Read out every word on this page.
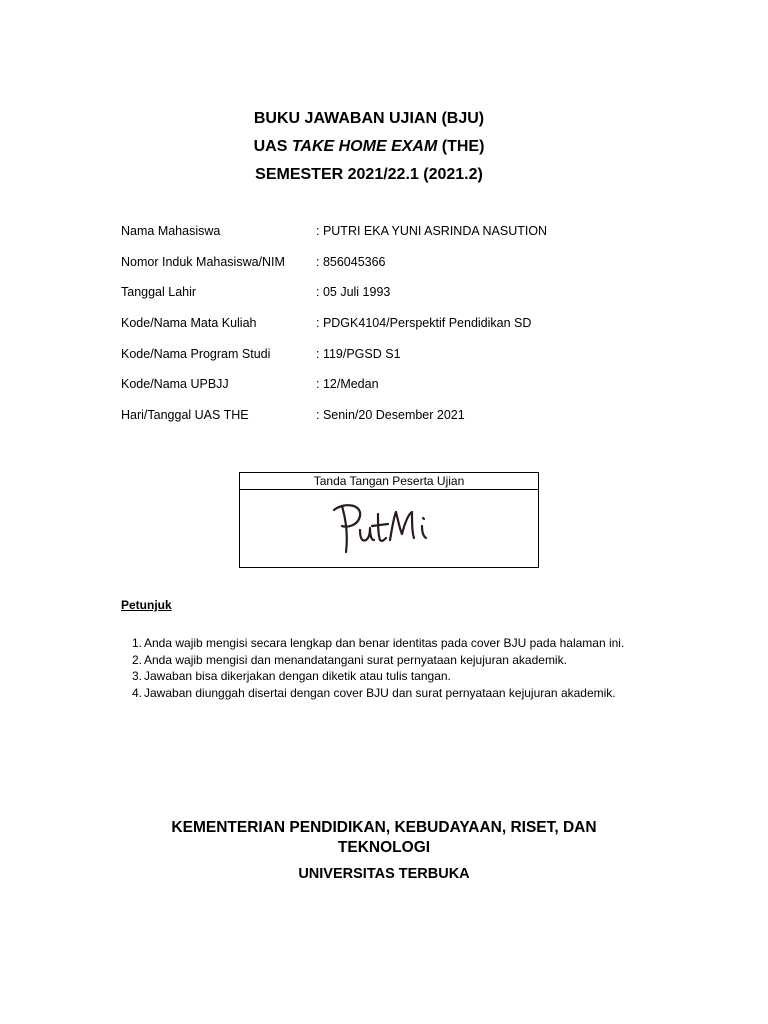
BUKU JAWABAN UJIAN (BJU)

UAS TAKE HOME EXAM (THE)

SEMESTER 2021/22.1 (2021.2)

Nama Mahasiswa	: PUTRI EKA YUNI ASRINDA NASUTION
Nomor Induk Mahasiswa/NIM	: 856045366
Tanggal Lahir	: 05 Juli 1993
Kode/Nama Mata Kuliah	: PDGK4104/Perspektif Pendidikan SD
Kode/Nama Program Studi	: 119/PGSD S1
Kode/Nama UPBJJ	: 12/Medan
Hari/Tanggal UAS THE	: Senin/20 Desember 2021
Tanda Tangan Peserta Ujian
Petunjuk
1. Anda wajib mengisi secara lengkap dan benar identitas pada cover BJU pada halaman ini.
2. Anda wajib mengisi dan menandatangani surat pernyataan kejujuran akademik.
3. Jawaban bisa dikerjakan dengan diketik atau tulis tangan.
4. Jawaban diunggah disertai dengan cover BJU dan surat pernyataan kejujuran akademik.
KEMENTERIAN PENDIDIKAN, KEBUDAYAAN, RISET, DAN TEKNOLOGI
UNIVERSITAS TERBUKA
